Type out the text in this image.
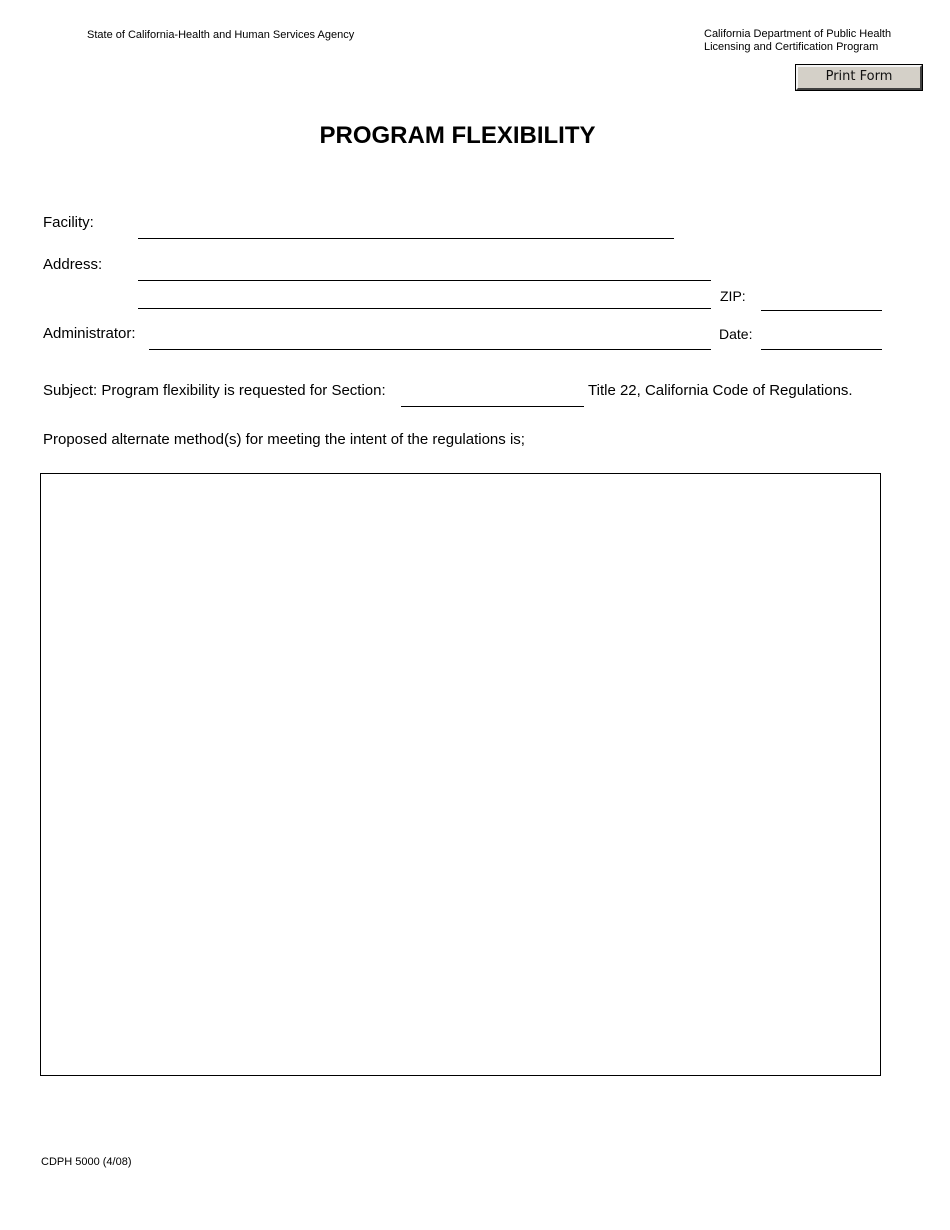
State of California-Health and Human Services Agency	California Department of Public Health
Licensing and Certification Program
Print Form
PROGRAM FLEXIBILITY
Facility:
Address:
ZIP:
Administrator:	Date:
Subject: Program flexibility is requested for Section:	Title 22, California Code of Regulations.
Proposed alternate method(s) for meeting the intent of the regulations is;
CDPH 5000 (4/08)
